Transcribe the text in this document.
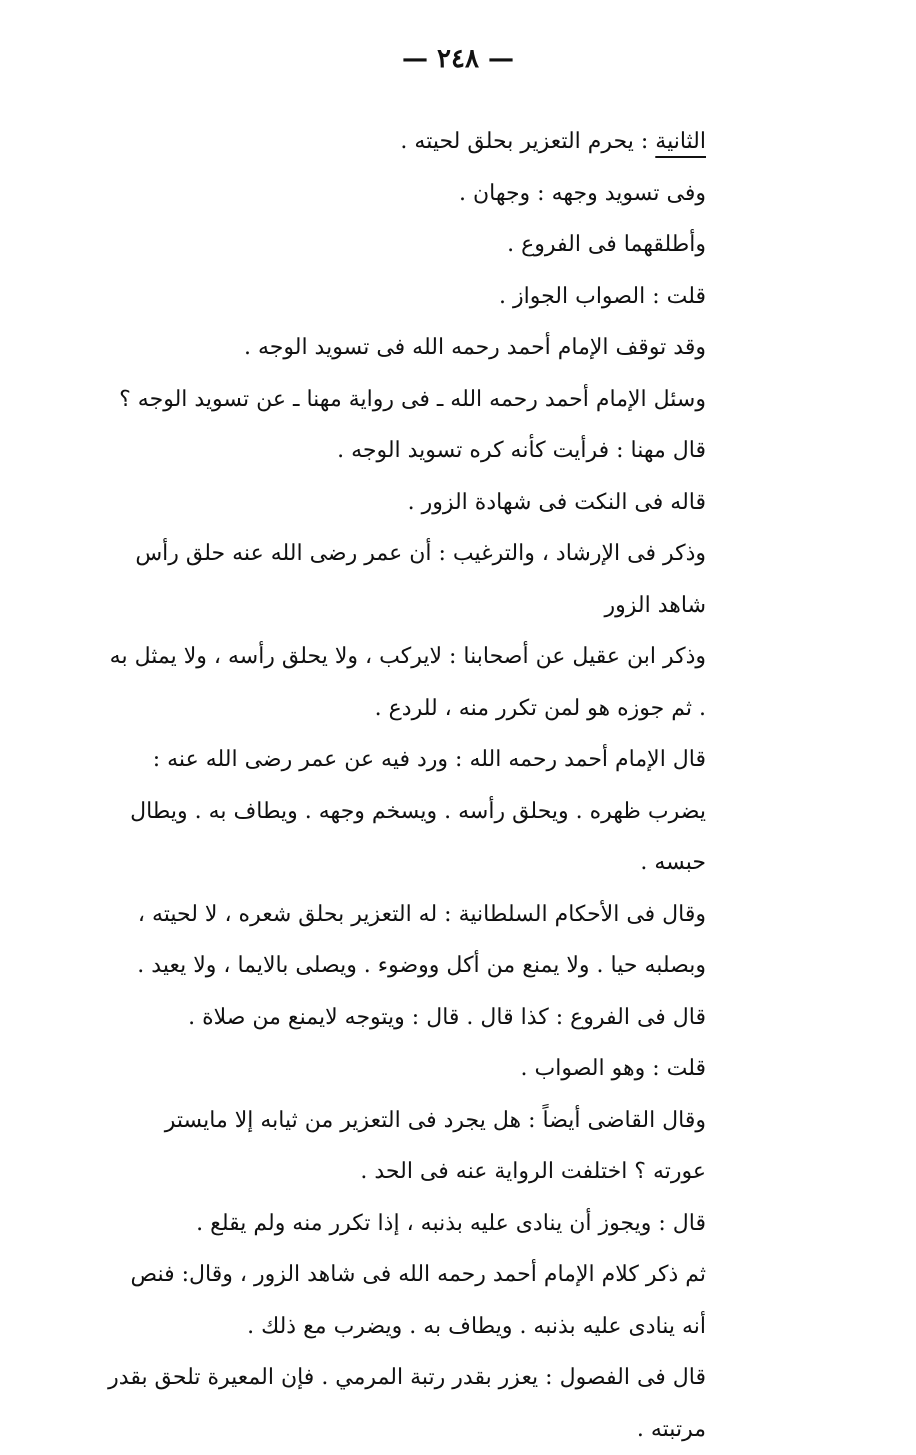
— ٢٤٨ —

الثانية : يحرم التعزير بحلق لحيته .

وفى تسويد وجهه : وجهان .

وأطلقهما فى الفروع .

قلت : الصواب الجواز .

وقد توقف الإمام أحمد رحمه الله فى تسويد الوجه .

وسئل الإمام أحمد رحمه الله ـ فى رواية مهنا ـ عن تسويد الوجه ؟ قال مهنا : فرأيت كأنه كره تسويد الوجه .

قاله فى النكت فى شهادة الزور .

وذكر فى الإرشاد ، والترغيب : أن عمر رضى الله عنه حلق رأس شاهد الزور

وذكر ابن عقيل عن أصحابنا : لايركب ، ولا يحلق رأسه ، ولا يمثل به . ثم جوزه هو لمن تكرر منه ، للردع .

قال الإمام أحمد رحمه الله : ورد فيه عن عمر رضى الله عنه : يضرب ظهره . ويحلق رأسه . ويسخم وجهه . ويطاف به . ويطال حبسه .

وقال فى الأحكام السلطانية : له التعزير بحلق شعره ، لا لحيته ، وبصلبه حيا . ولا يمنع من أكل ووضوء . ويصلى بالايما ، ولا يعيد .

قال فى الفروع : كذا قال . قال : ويتوجه لايمنع من صلاة .

قلت : وهو الصواب .

وقال القاضى أيضاً : هل يجرد فى التعزير من ثيابه إلا مايستر عورته ؟ اختلفت الرواية عنه فى الحد .

قال : ويجوز أن ينادى عليه بذنبه ، إذا تكرر منه ولم يقلع .

ثم ذكر كلام الإمام أحمد رحمه الله فى شاهد الزور ، وقال: فنص أنه ينادى عليه بذنبه . ويطاف به . ويضرب مع ذلك .

قال فى الفصول : يعزر بقدر رتبة المرمي . فإن المعيرة تلحق بقدر مرتبته .
